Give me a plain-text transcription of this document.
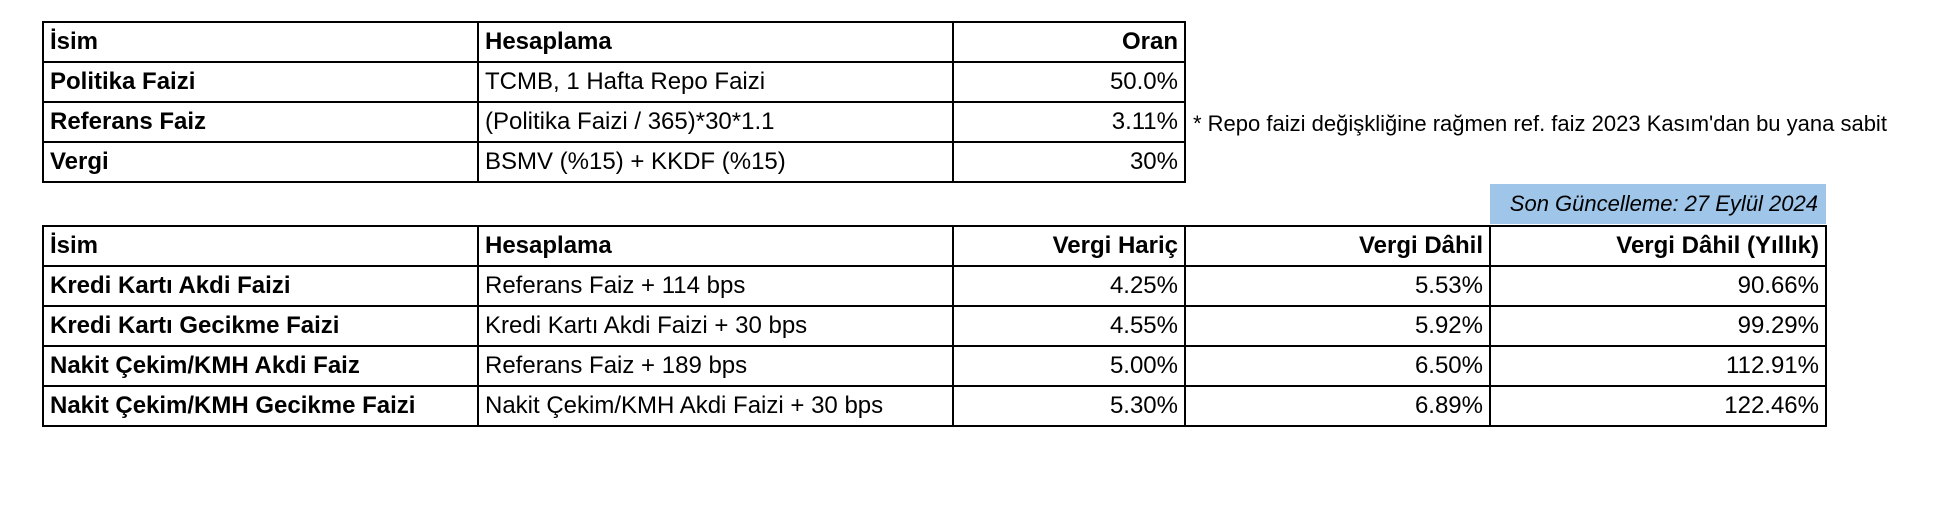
İsim	Hesaplama	Oran
Politika Faizi	TCMB, 1 Hafta Repo Faizi	50.0%
Referans Faiz	(Politika Faizi / 365)*30*1.1	3.11%
Vergi	BSMV (%15) + KKDF (%15)	30%
* Repo faizi değişkliğine rağmen ref. faiz 2023 Kasım'dan bu yana sabit
Son Güncelleme: 27 Eylül 2024
İsim	Hesaplama	Vergi Hariç	Vergi Dâhil	Vergi Dâhil (Yıllık)
Kredi Kartı Akdi Faizi	Referans Faiz + 114 bps	4.25%	5.53%	90.66%
Kredi Kartı Gecikme Faizi	Kredi Kartı Akdi Faizi + 30 bps	4.55%	5.92%	99.29%
Nakit Çekim/KMH Akdi Faiz	Referans Faiz + 189 bps	5.00%	6.50%	112.91%
Nakit Çekim/KMH Gecikme Faizi	Nakit Çekim/KMH Akdi Faizi + 30 bps	5.30%	6.89%	122.46%
